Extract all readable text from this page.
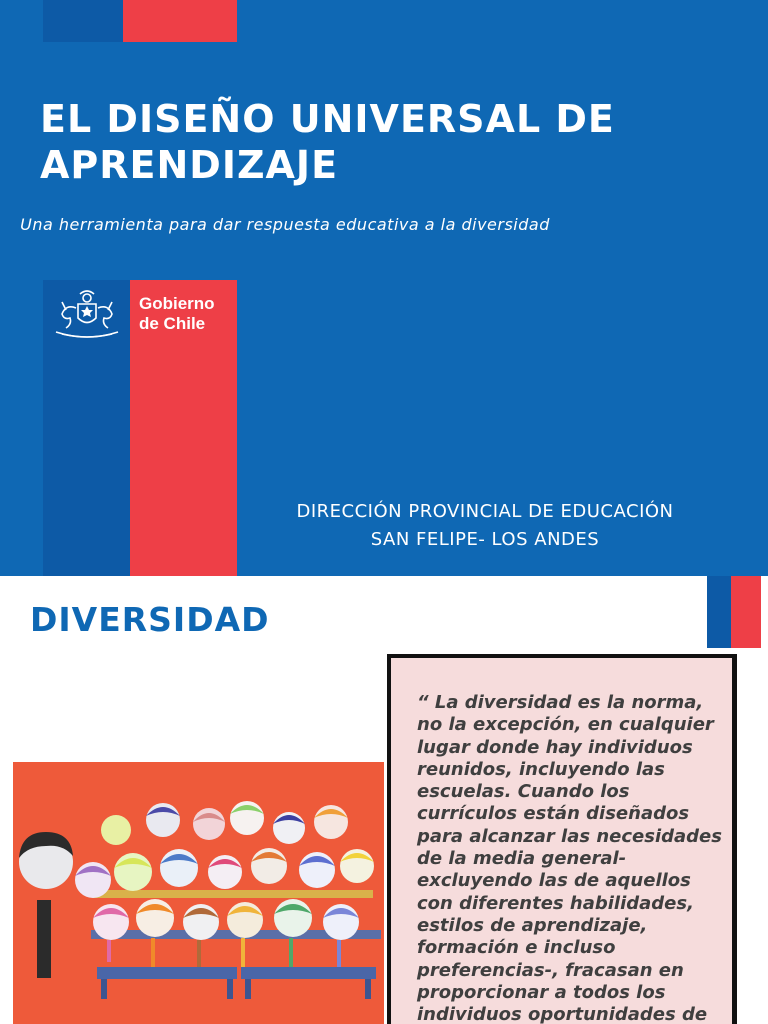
EL DISEÑO UNIVERSAL DE
APRENDIZAJE
Una herramienta para dar respuesta educativa a la diversidad
Gobierno
de Chile
DIRECCIÓN PROVINCIAL DE EDUCACIÓN
SAN FELIPE- LOS ANDES
DIVERSIDAD

“ La diversidad es la norma,
no la excepción, en cualquier
lugar donde hay individuos
reunidos, incluyendo las
escuelas. Cuando los
currículos están diseñados
para alcanzar las necesidades
de la media general-
excluyendo las de aquellos
con diferentes habilidades,
estilos de aprendizaje,
formación e incluso
preferencias-, fracasan en
proporcionar a todos los
individuos oportunidades de
